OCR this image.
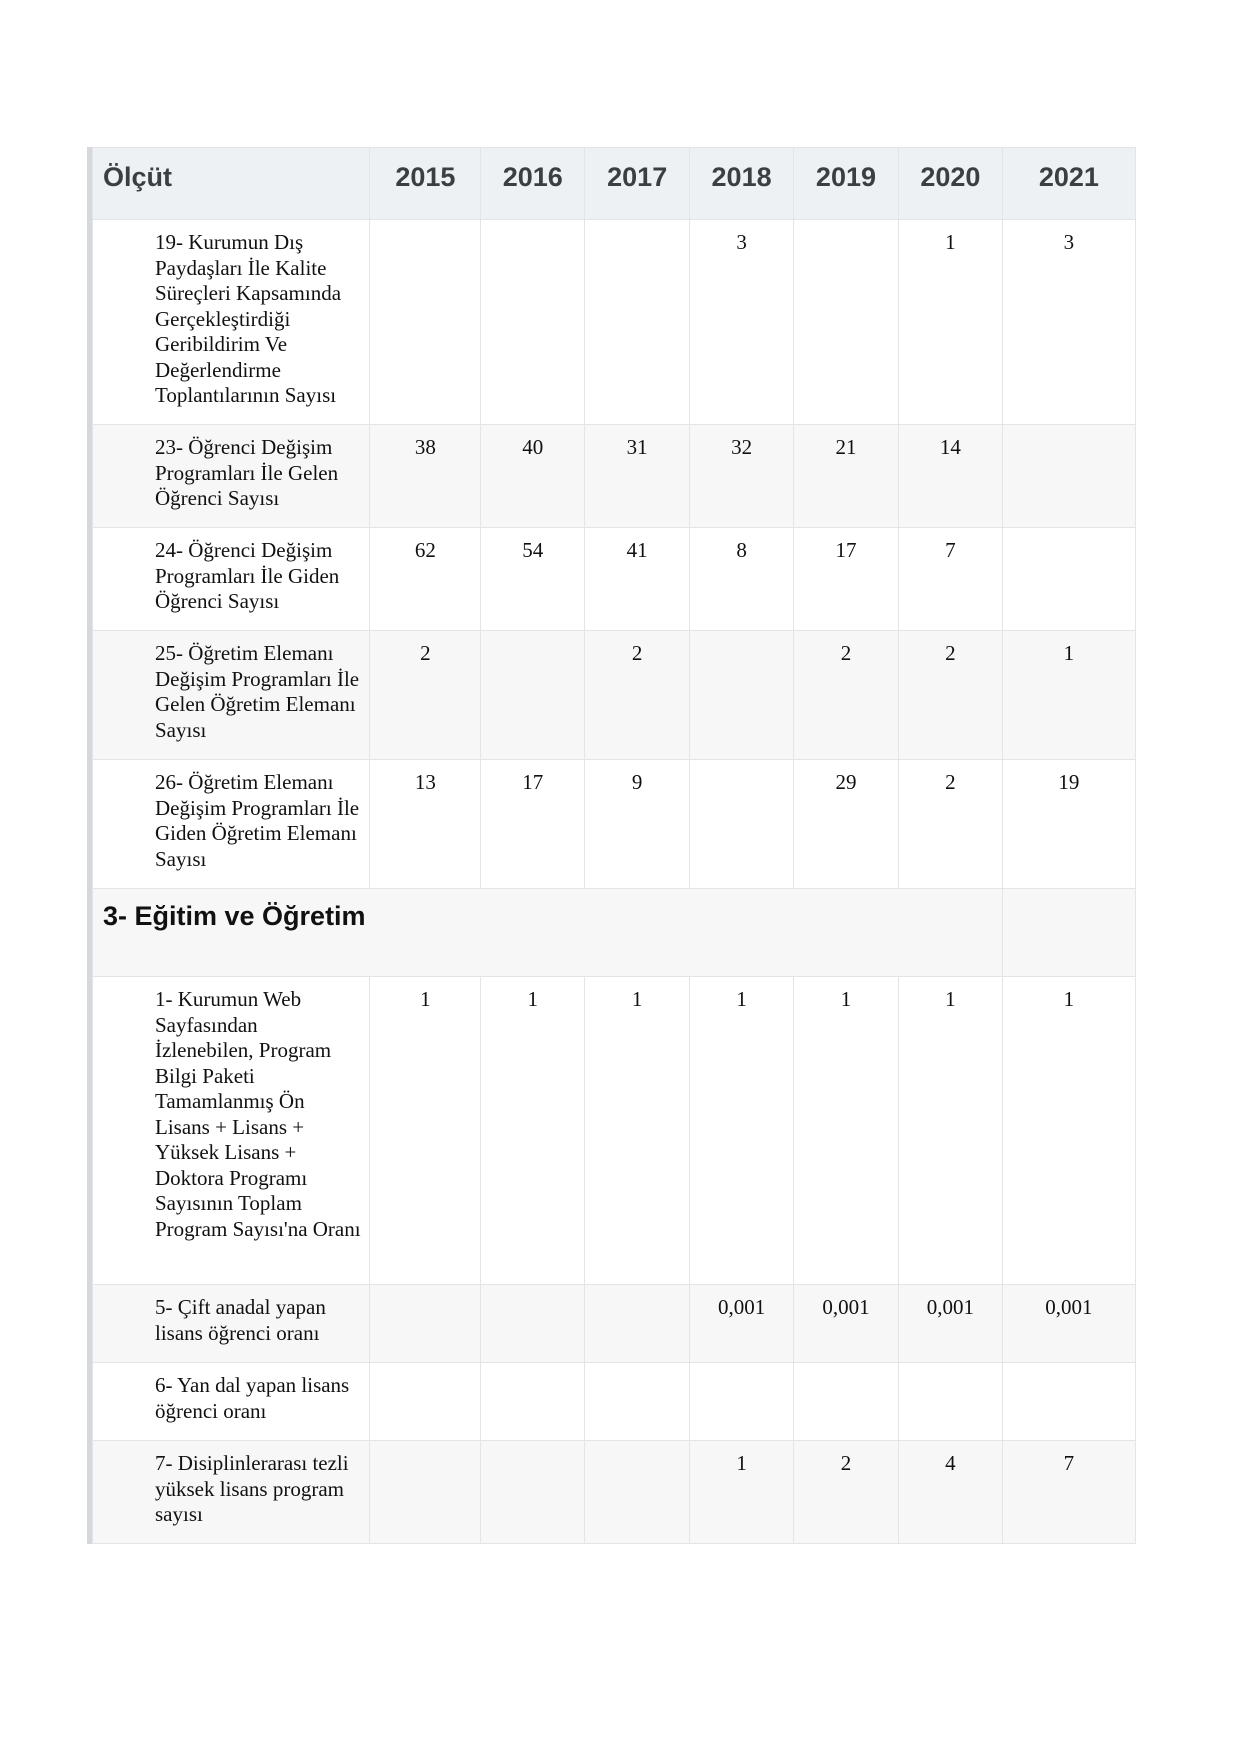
Ölçüt	2015	2016	2017	2018	2019	2020	2021
19- Kurumun Dış Paydaşları İle Kalite Süreçleri Kapsamında Gerçekleştirdiği Geribildirim Ve Değerlendirme Toplantılarının Sayısı				3		1	3
23- Öğrenci Değişim Programları İle Gelen Öğrenci Sayısı	38	40	31	32	21	14	
24- Öğrenci Değişim Programları İle Giden Öğrenci Sayısı	62	54	41	8	17	7	
25- Öğretim Elemanı Değişim Programları İle Gelen Öğretim Elemanı Sayısı	2		2		2	2	1
26- Öğretim Elemanı Değişim Programları İle Giden Öğretim Elemanı Sayısı	13	17	9		29	2	19
3- Eğitim ve Öğretim							
1- Kurumun Web Sayfasından İzlenebilen, Program Bilgi Paketi Tamamlanmış Ön Lisans + Lisans + Yüksek Lisans + Doktora Programı Sayısının Toplam Program Sayısı'na Oranı	1	1	1	1	1	1	1
5- Çift anadal yapan lisans öğrenci oranı				0,001	0,001	0,001	0,001
6- Yan dal yapan lisans öğrenci oranı							
7- Disiplinlerarası tezli yüksek lisans program sayısı				1	2	4	7
